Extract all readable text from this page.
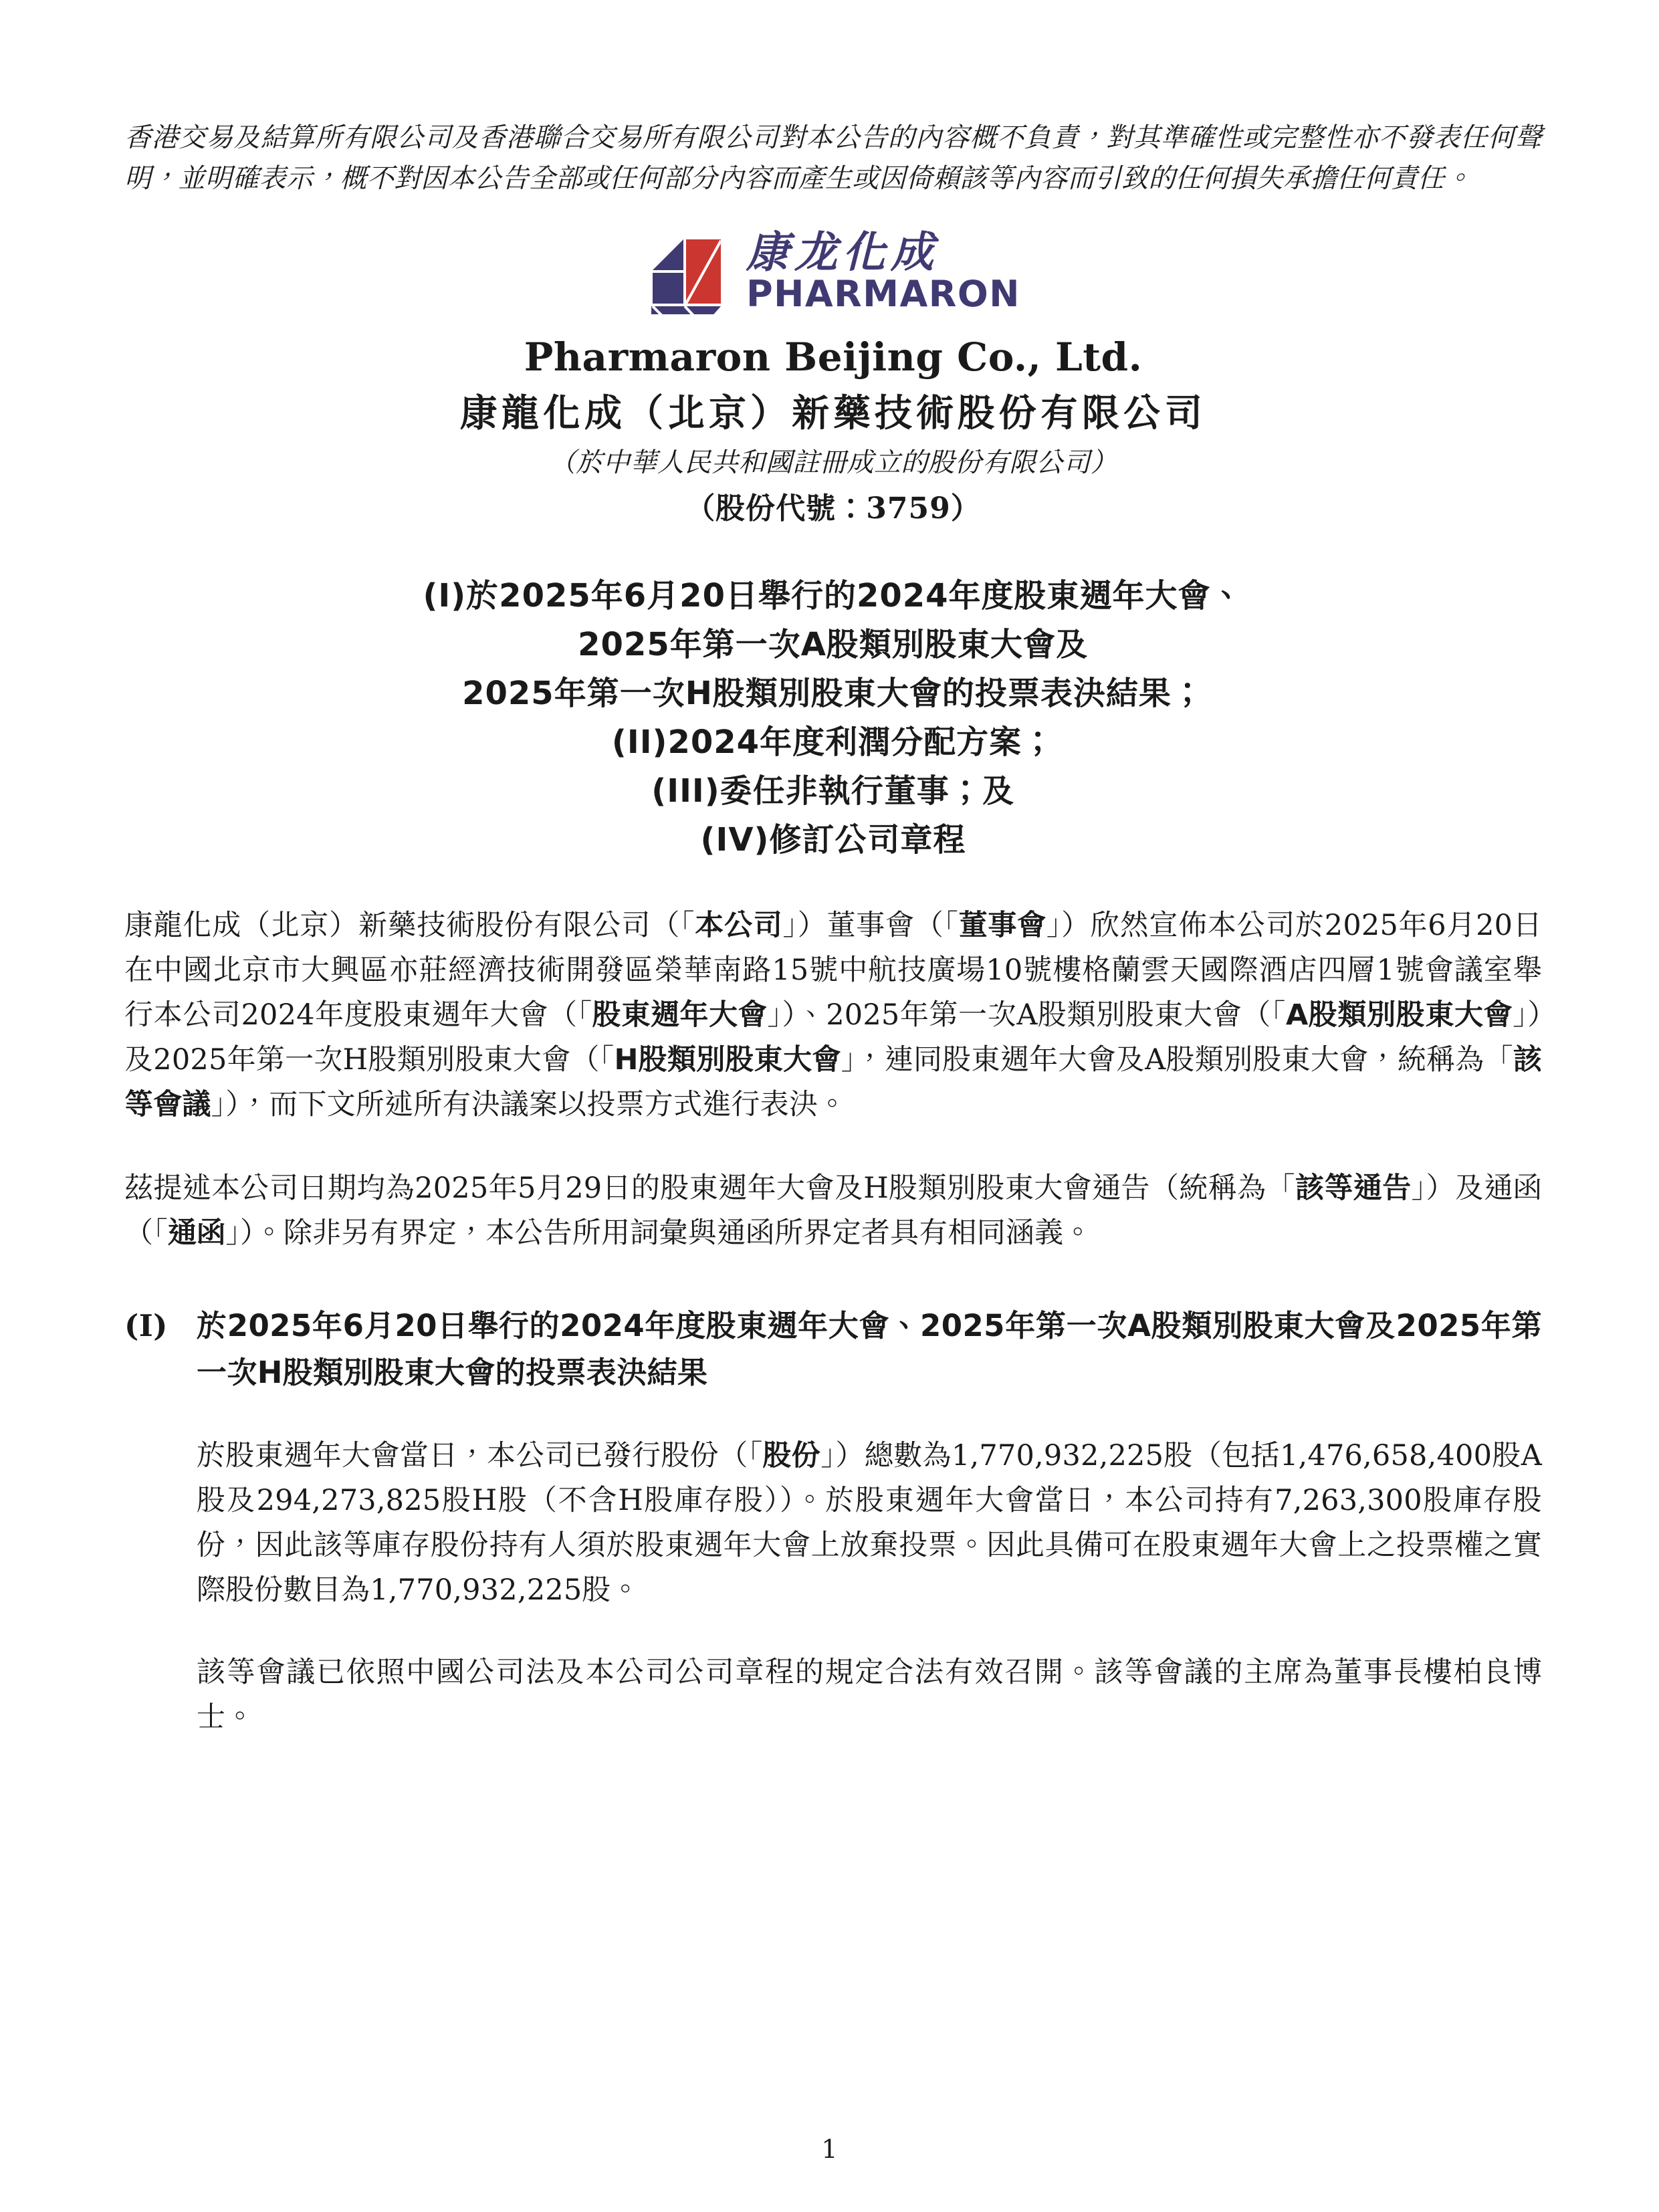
香港交易及結算所有限公司及香港聯合交易所有限公司對本公告的內容概不負責，對其準確性或完整性亦不發表任何聲明，並明確表示，概不對因本公告全部或任何部分內容而產生或因倚賴該等內容而引致的任何損失承擔任何責任。

康龙化成
PHARMARON
Pharmaron Beijing Co., Ltd.
康龍化成（北京）新藥技術股份有限公司
（於中華人民共和國註冊成立的股份有限公司）
（股份代號：3759）
(I)於2025年6月20日舉行的2024年度股東週年大會、
2025年第一次A股類別股東大會及
2025年第一次H股類別股東大會的投票表決結果；
(II)2024年度利潤分配方案；
(III)委任非執行董事；及
(IV)修訂公司章程

康龍化成（北京）新藥技術股份有限公司（「本公司」）董事會（「董事會」）欣然宣佈本公司於2025年6月20日在中國北京市大興區亦莊經濟技術開發區榮華南路15號中航技廣場10號樓格蘭雲天國際酒店四層1號會議室舉行本公司2024年度股東週年大會（「股東週年大會」）、2025年第一次A股類別股東大會（「A股類別股東大會」）及2025年第一次H股類別股東大會（「H股類別股東大會」，連同股東週年大會及A股類別股東大會，統稱為「該等會議」），而下文所述所有決議案以投票方式進行表決。

茲提述本公司日期均為2025年5月29日的股東週年大會及H股類別股東大會通告（統稱為「該等通告」）及通函（「通函」）。除非另有界定，本公告所用詞彙與通函所界定者具有相同涵義。

(I) 於2025年6月20日舉行的2024年度股東週年大會、2025年第一次A股類別股東大會及2025年第一次H股類別股東大會的投票表決結果

於股東週年大會當日，本公司已發行股份（「股份」）總數為1,770,932,225股（包括1,476,658,400股A股及294,273,825股H股（不含H股庫存股））。於股東週年大會當日，本公司持有7,263,300股庫存股份，因此該等庫存股份持有人須於股東週年大會上放棄投票。因此具備可在股東週年大會上之投票權之實際股份數目為1,770,932,225股。

該等會議已依照中國公司法及本公司公司章程的規定合法有效召開。該等會議的主席為董事長樓柏良博士。

1
